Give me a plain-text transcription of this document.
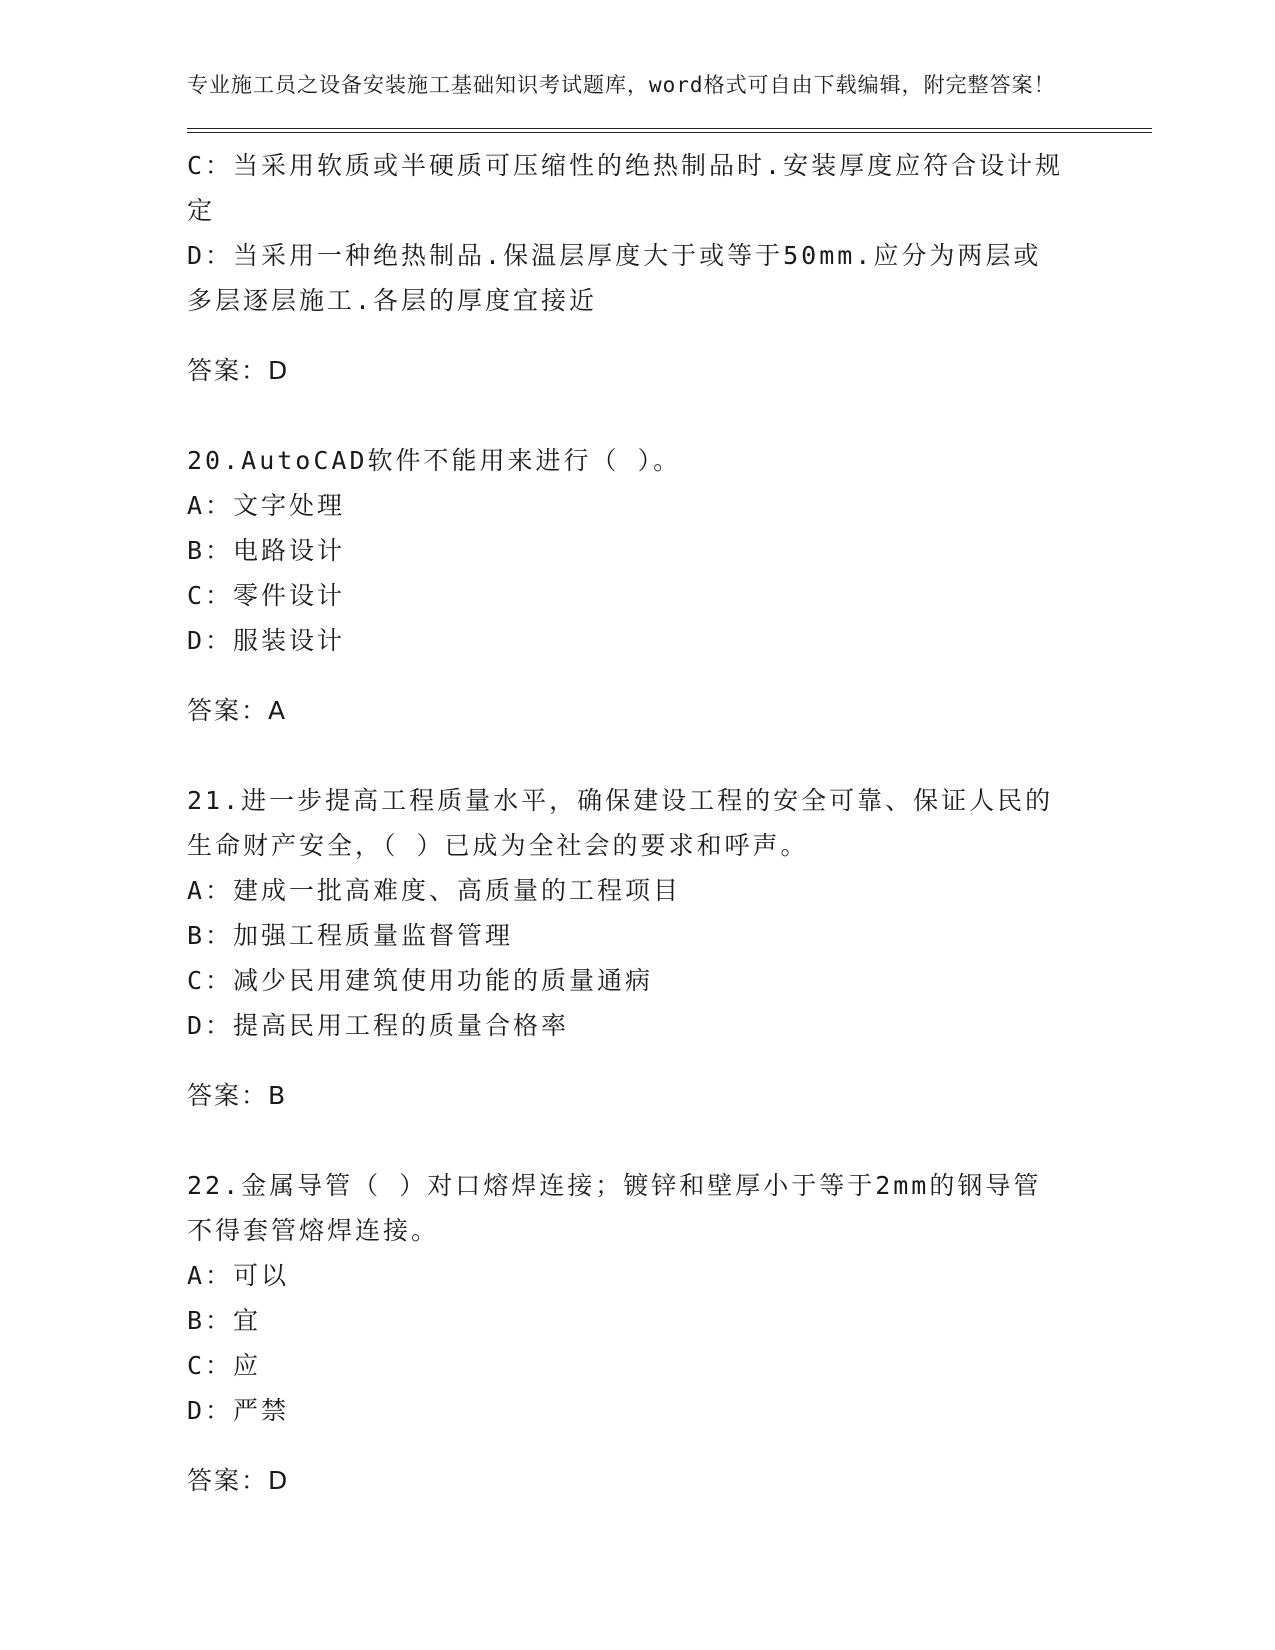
专业施工员之设备安装施工基础知识考试题库，word格式可自由下载编辑，附完整答案！

C：当采用软质或半硬质可压缩性的绝热制品时.安装厚度应符合设计规定

D：当采用一种绝热制品.保温层厚度大于或等于50mm.应分为两层或多层逐层施工.各层的厚度宜接近

答案：D

20.AutoCAD软件不能用来进行（ ）。

A：文字处理

B：电路设计

C：零件设计

D：服装设计

答案：A

21.进一步提高工程质量水平，确保建设工程的安全可靠、保证人民的生命财产安全，（ ）已成为全社会的要求和呼声。

A：建成一批高难度、高质量的工程项目

B：加强工程质量监督管理

C：减少民用建筑使用功能的质量通病

D：提高民用工程的质量合格率

答案：B

22.金属导管（ ）对口熔焊连接；镀锌和壁厚小于等于2mm的钢导管不得套管熔焊连接。

A：可以

B：宜

C：应

D：严禁

答案：D
